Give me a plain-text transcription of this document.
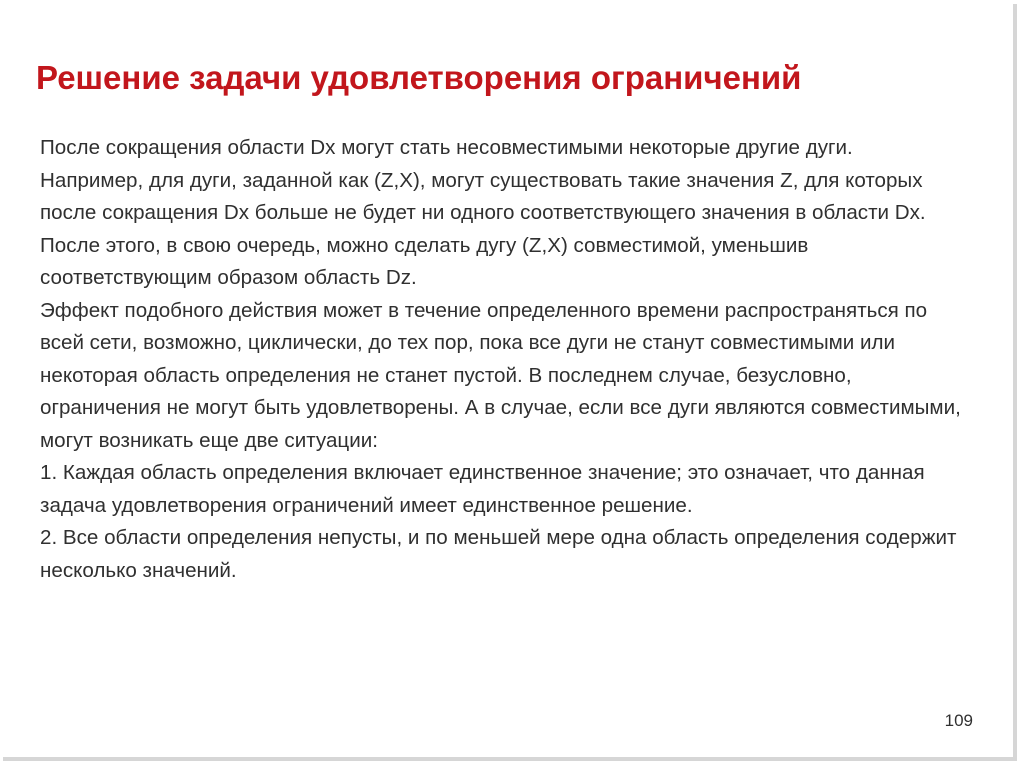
Решение задачи удовлетворения ограничений

После сокращения области Dx могут стать несовместимыми некоторые другие дуги.

Например, для дуги, заданной как (Z,X), могут существовать такие значения Z, для которых после сокращения Dx больше не будет ни одного соответствующего значения в области Dx. После этого, в свою очередь, можно сделать дугу (Z,X) совместимой, уменьшив соответствующим образом область Dz.

Эффект подобного действия может в течение определенного времени распространяться по всей сети, возможно, циклически, до тех пор, пока все дуги не станут совместимыми или некоторая область определения не станет пустой. В последнем случае, безусловно, ограничения не могут быть удовлетворены. А в случае, если все дуги являются совместимыми, могут возникать еще две ситуации:

1. Каждая область определения включает единственное значение; это означает, что данная задача удовлетворения ограничений имеет единственное решение.

2. Все области определения непусты, и по меньшей мере одна область определения содержит несколько значений.

109
